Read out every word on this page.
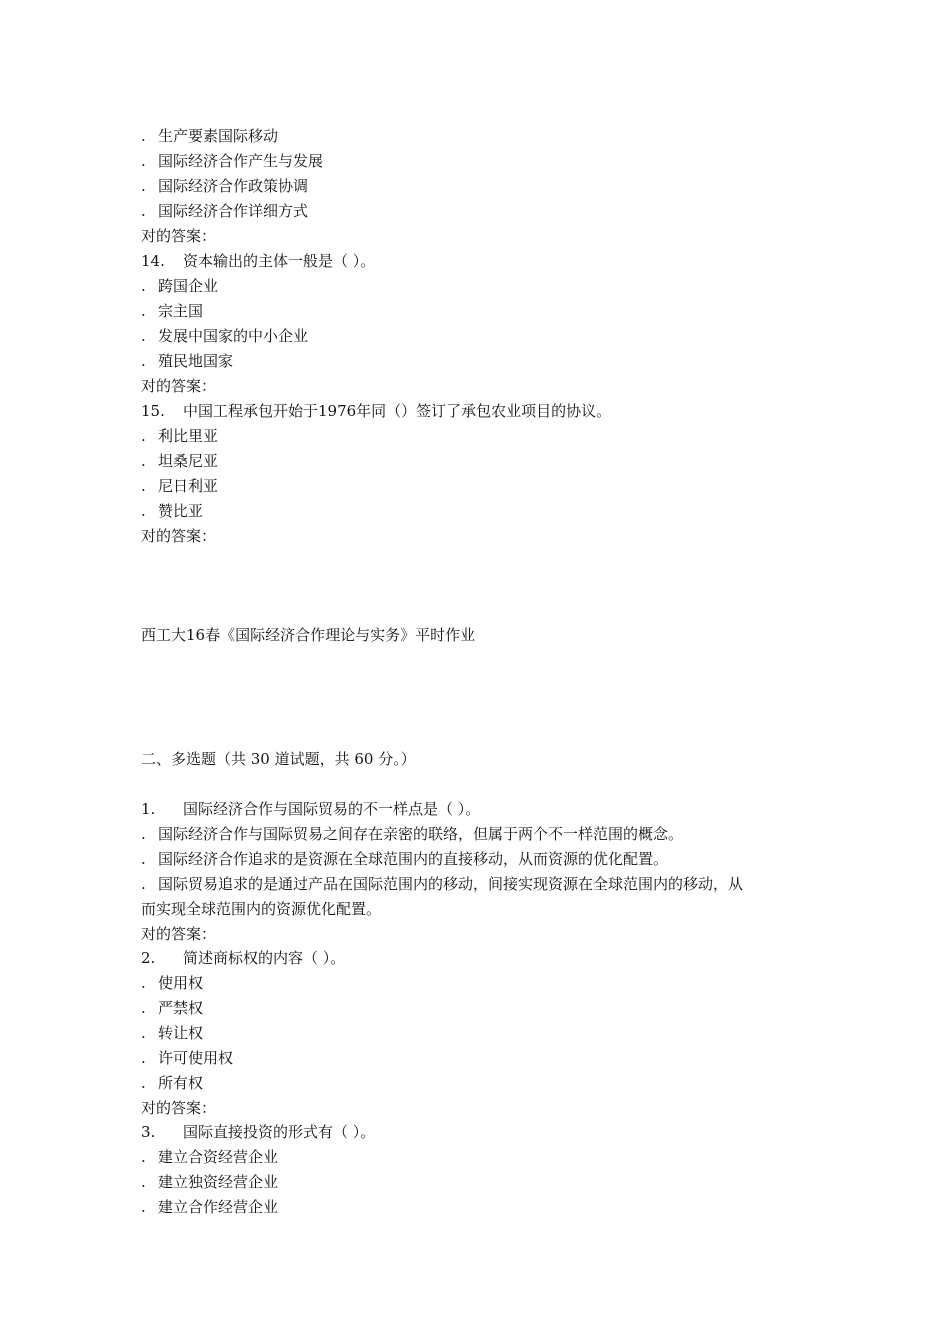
. 生产要素国际移动
. 国际经济合作产生与发展
. 国际经济合作政策协调
. 国际经济合作详细方式
对的答案：
14. 资本输出的主体一般是（ ）。
. 跨国企业
. 宗主国
. 发展中国家的中小企业
. 殖民地国家
对的答案：
15. 中国工程承包开始于1976年同（）签订了承包农业项目的协议。
. 利比里亚
. 坦桑尼亚
. 尼日利亚
. 赞比亚
对的答案：
西工大16春《国际经济合作理论与实务》平时作业
二、多选题（共 30 道试题，共 60 分。）
1. 国际经济合作与国际贸易的不一样点是（ ）。
. 国际经济合作与国际贸易之间存在亲密的联络，但属于两个不一样范围的概念。
. 国际经济合作追求的是资源在全球范围内的直接移动，从而资源的优化配置。
. 国际贸易追求的是通过产品在国际范围内的移动，间接实现资源在全球范围内的移动，从
而实现全球范围内的资源优化配置。
对的答案：
2. 简述商标权的内容（ ）。
. 使用权
. 严禁权
. 转让权
. 许可使用权
. 所有权
对的答案：
3. 国际直接投资的形式有（ ）。
. 建立合资经营企业
. 建立独资经营企业
. 建立合作经营企业
